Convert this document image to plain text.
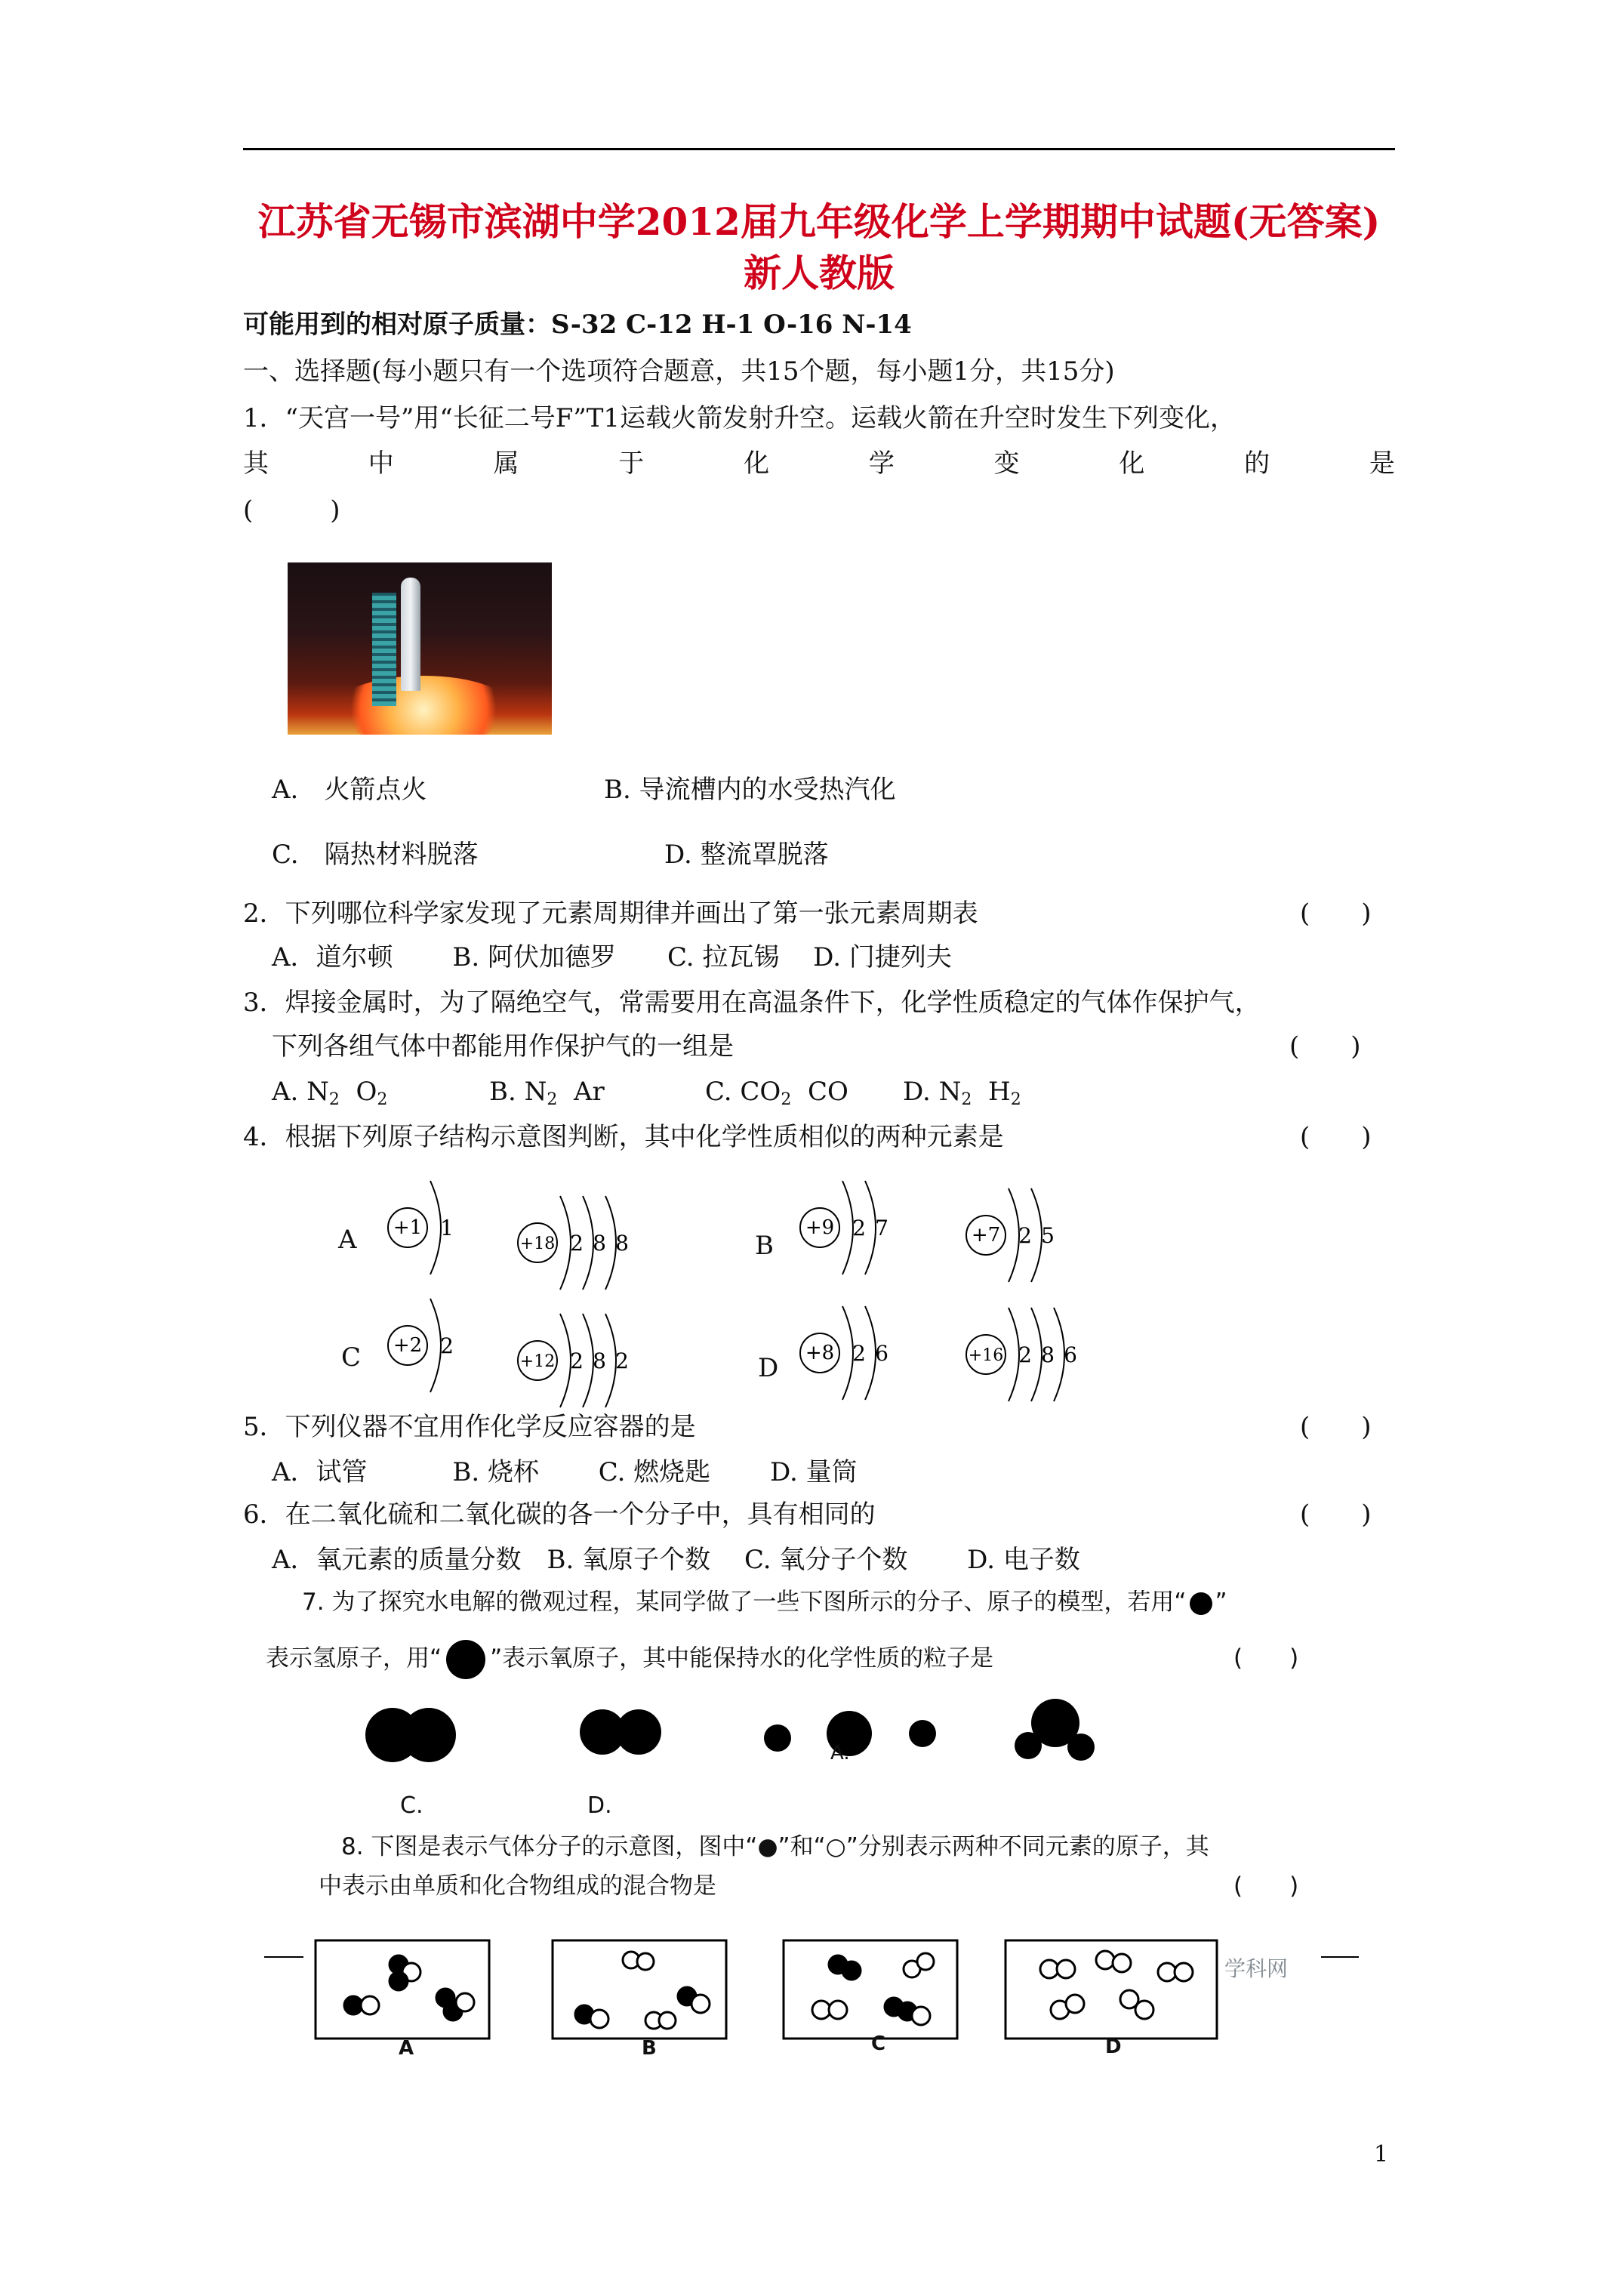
江苏省无锡市滨湖中学2012届九年级化学上学期期中试题(无答案)
新人教版
可能用到的相对原子质量：S-32 C-12 H-1 O-16 N-14
一、选择题(每小题只有一个选项符合题意，共15个题，每小题1分，共15分)
1．“天宫一号”用“长征二号F”T1运载火箭发射升空。运载火箭在升空时发生下列变化，
其	中	属	于	化	学	变	化	的	是
(　　　)
A.　火箭点火	B. 导流槽内的水受热汽化
C.　隔热材料脱落	D. 整流罩脱落
2．下列哪位科学家发现了元素周期律并画出了第一张元素周期表	(　　)
A．道尔顿　　 B. 阿伏加德罗　　C. 拉瓦锡　 D. 门捷列夫
3．焊接金属时，为了隔绝空气，常需要用在高温条件下，化学性质稳定的气体作保护气，
下列各组气体中都能用作保护气的一组是	(　　)
A. $N_2$ $O_2$	B. $N_2$ Ar	C. $CO_2$ CO D. $N_2$ $H_2$
4．根据下列原子结构示意图判断，其中化学性质相似的两种元素是	(　　)
A	B
C	D
+1 1
+18 2 8 8
+9 2 7	+7 2 5
+2 2
+12 2 8 2	+8 2 6	+16 2 8 6
5．下列仪器不宜用作化学反应容器的是	(　　)
A．试管　　　 B. 烧杯　　 C. 燃烧匙　　 D. 量筒
6．在二氧化硫和二氧化碳的各一个分子中，具有相同的	(　　)
A．氧元素的质量分数　B. 氧原子个数　 C. 氧分子个数　　 D. 电子数
7. 为了探究水电解的微观过程，某同学做了一些下图所示的分子、原子的模型，若用“ ”
表示氢原子，用“ ”表示氧原子，其中能保持水的化学性质的粒子是	(　　)
A.
C.	D.
8. 下图是表示气体分子的示意图，图中“●”和“○”分别表示两种不同元素的原子，其
中表示由单质和化合物组成的混合物是	(　　)
学科网
A	B	C	D
1
